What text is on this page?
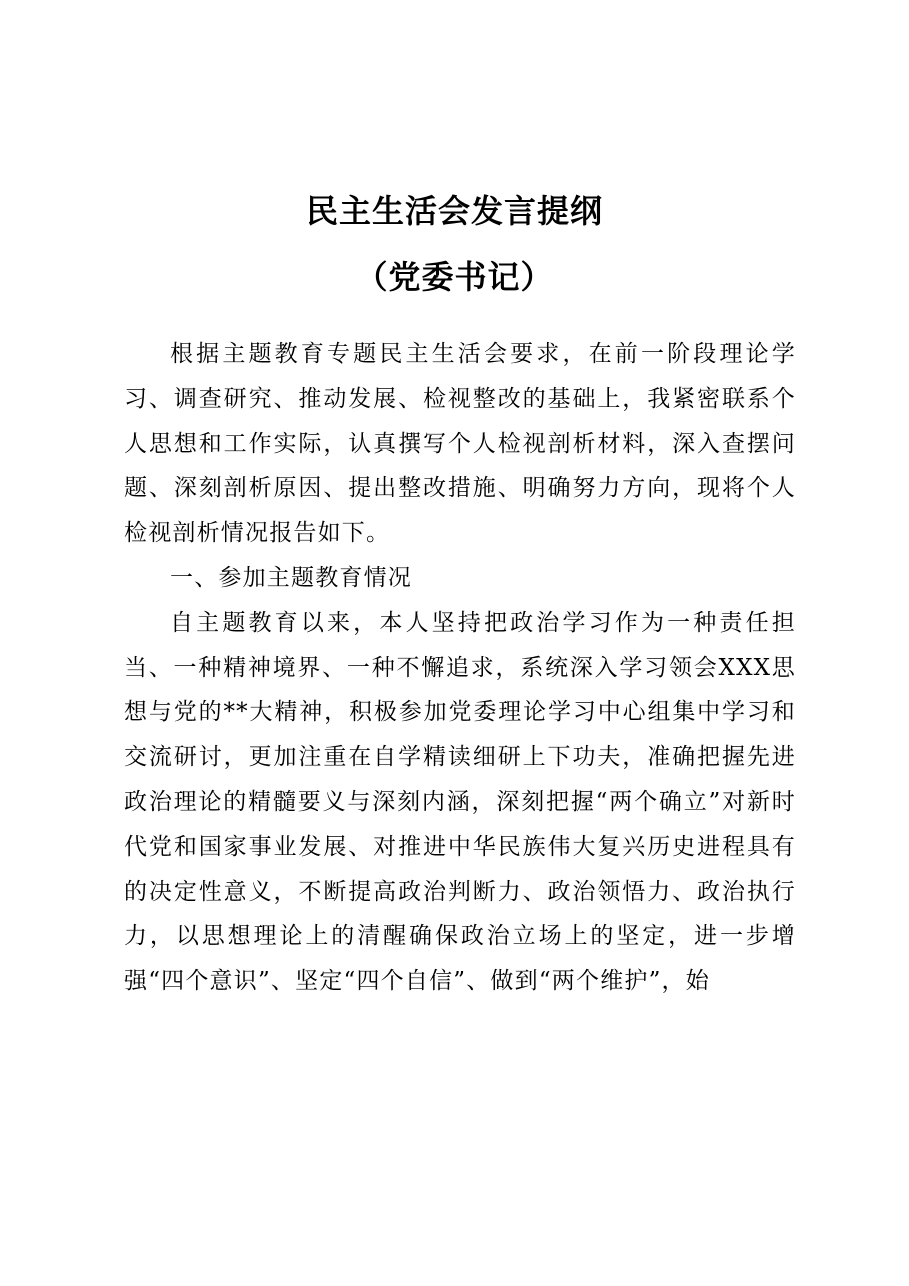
民主生活会发言提纲
（党委书记）

根据主题教育专题民主生活会要求，在前一阶段理论学习、调查研究、推动发展、检视整改的基础上，我紧密联系个人思想和工作实际，认真撰写个人检视剖析材料，深入查摆问题、深刻剖析原因、提出整改措施、明确努力方向，现将个人检视剖析情况报告如下。

一、参加主题教育情况

自主题教育以来，本人坚持把政治学习作为一种责任担当、一种精神境界、一种不懈追求，系统深入学习领会XXX思想与党的**大精神，积极参加党委理论学习中心组集中学习和交流研讨，更加注重在自学精读细研上下功夫，准确把握先进政治理论的精髓要义与深刻内涵，深刻把握“两个确立”对新时代党和国家事业发展、对推进中华民族伟大复兴历史进程具有的决定性意义，不断提高政治判断力、政治领悟力、政治执行力，以思想理论上的清醒确保政治立场上的坚定，进一步增强“四个意识”、坚定“四个自信”、做到“两个维护”，始
